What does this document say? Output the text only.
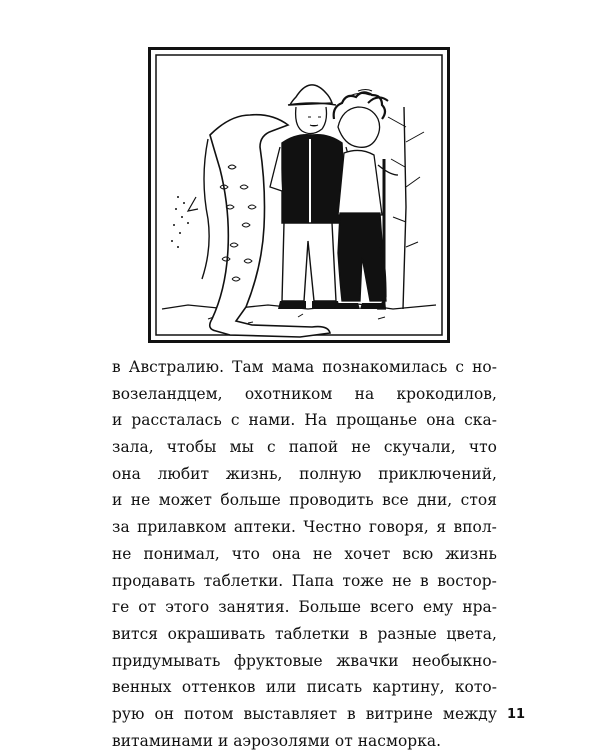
в Австралию. Там мама познакомилась с но-
возеландцем, охотником на крокодилов,
и рассталась с нами. На прощанье она ска-
зала, чтобы мы с папой не скучали, что
она любит жизнь, полную приключений,
и не может больше проводить все дни, стоя
за прилавком аптеки. Честно говоря, я впол-
не понимал, что она не хочет всю жизнь
продавать таблетки. Папа тоже не в востор-
ге от этого занятия. Больше всего ему нра-
вится окрашивать таблетки в разные цвета,
придумывать фруктовые жвачки необыкно-
венных оттенков или писать картину, кото-
рую он потом выставляет в витрине между
витаминами и аэрозолями от насморка.
11
